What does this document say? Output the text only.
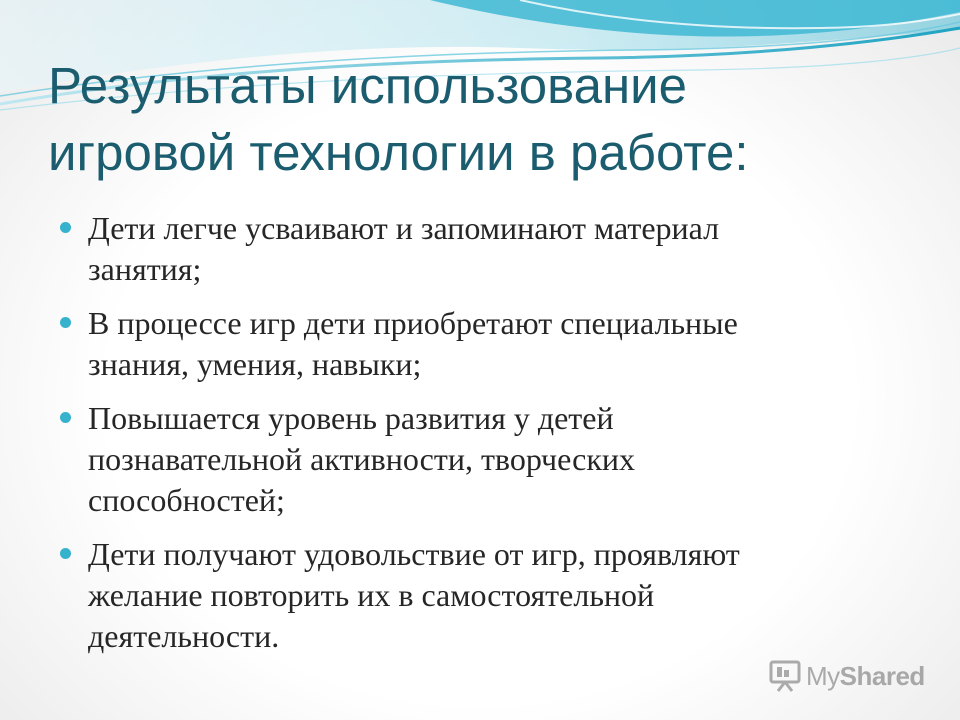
Результаты использование
игровой технологии в работе:
Дети легче усваивают и запоминают материал
занятия;
В процессе игр дети приобретают специальные
знания, умения, навыки;
Повышается уровень развития у детей
познавательной активности, творческих
способностей;
Дети получают удовольствие от игр, проявляют
желание повторить их в самостоятельной
деятельности.
MyShared
